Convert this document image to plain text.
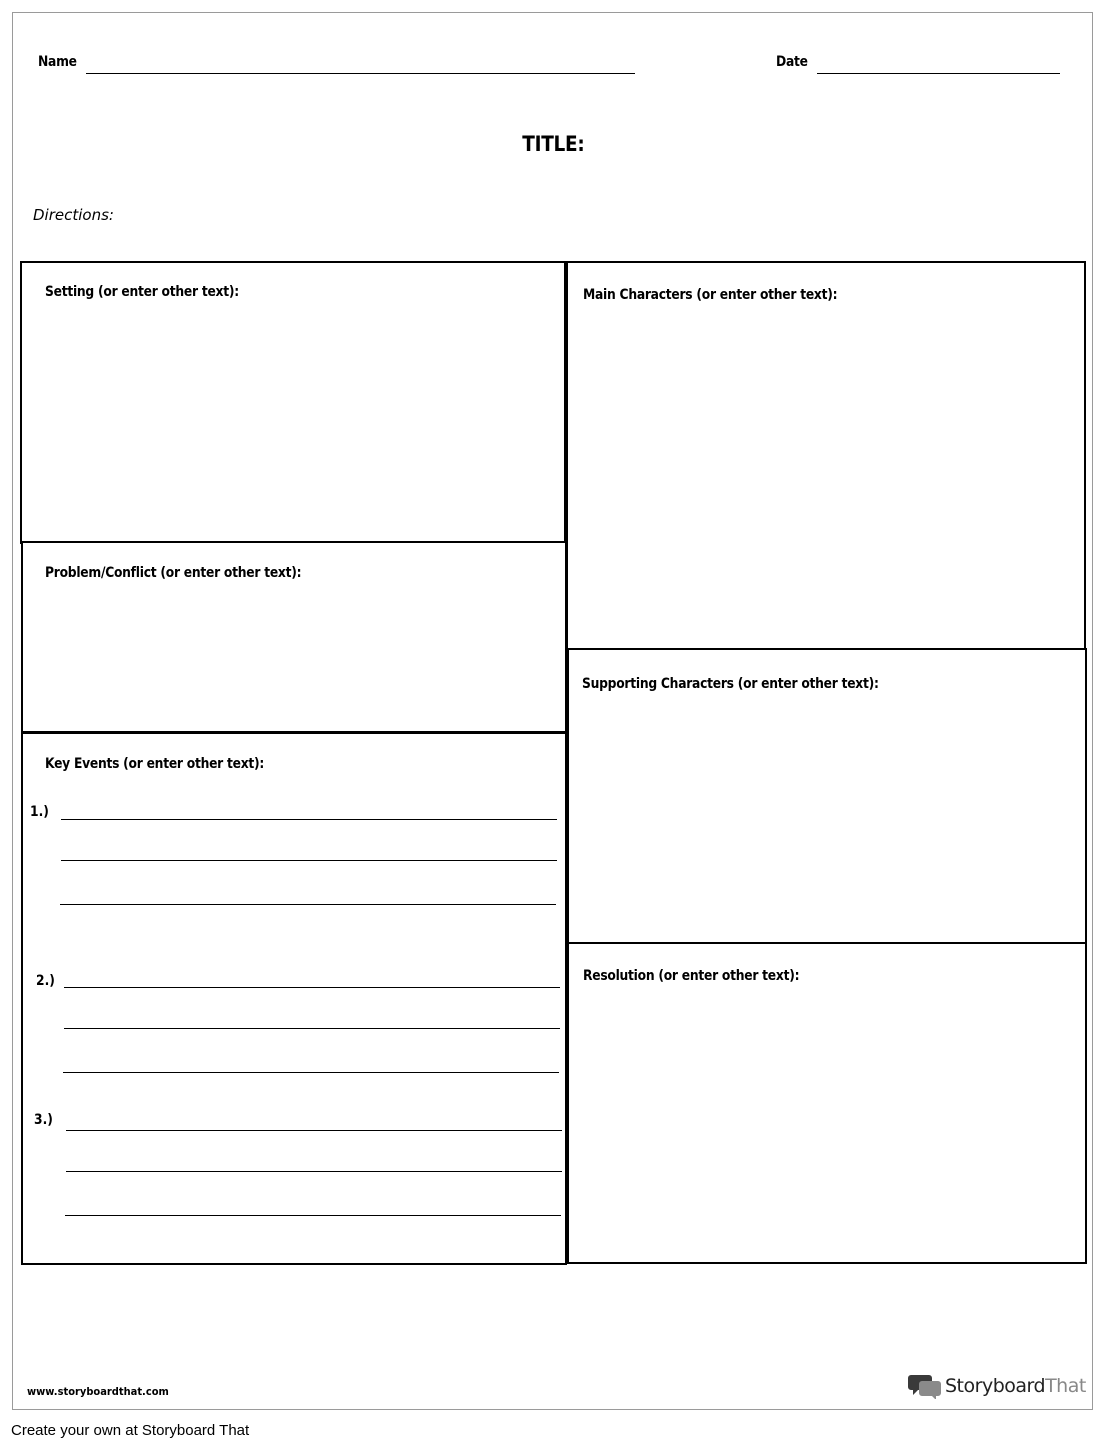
Name	Date
TITLE:
Directions:
Setting (or enter other text):	Main Characters (or enter other text):
Problem/Conflict (or enter other text):
Supporting Characters (or enter other text):
Key Events (or enter other text):
Resolution (or enter other text):
1.)
2.)
3.)
www.storyboardthat.com	StoryboardThat
Create your own at Storyboard That
